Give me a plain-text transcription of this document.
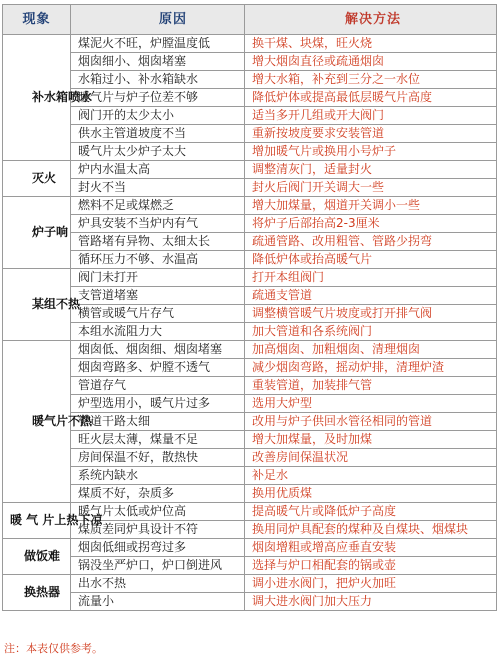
现象	原因	解决方法
补水箱喷水	煤泥火不旺，炉膛温度低	换干煤、块煤，旺火烧
	烟囱细小、烟囱堵塞	增大烟囱直径或疏通烟囱
	水箱过小、补水箱缺水	增大水箱，补充到三分之一水位
	暖气片与炉子位差不够	降低炉体或提高最低层暖气片高度
	阀门开的太少太小	适当多开几组或开大阀门
	供水主管道坡度不当	重新按坡度要求安装管道
	暖气片太少炉子太大	增加暖气片或换用小号炉子
灭火	炉内水温太高	调整清灰门，适量封火
	封火不当	封火后阀门开关调大一些
炉子响	燃料不足或煤燃乏	增大加煤量，烟道开关调小一些
	炉具安装不当炉内有气	将炉子后部抬高2-3厘米
	管路堵有异物、太细太长	疏通管路、改用粗管、管路少拐弯
	循环压力不够、水温高	降低炉体或抬高暖气片
某组不热	阀门未打开	打开本组阀门
	支管道堵塞	疏通支管道
	横管或暖气片存气	调整横管暖气片坡度或打开排气阀
	本组水流阻力大	加大管道和各系统阀门
暖气片不热	烟囱低、烟囱细、烟囱堵塞	加高烟囱、加粗烟囱、清理烟囱
	烟囱弯路多、炉膛不透气	减少烟囱弯路，摇动炉排，清理炉渣
	管道存气	重装管道，加装排气管
	炉型选用小，暖气片过多	选用大炉型
	管道干路太细	改用与炉子供回水管径相同的管道
	旺火层太薄，煤量不足	增大加煤量，及时加煤
	房间保温不好，散热快	改善房间保温状况
	系统内缺水	补足水
	煤质不好，杂质多	换用优质煤
暖 气 片上热下凉	暖气片太低或炉位高	提高暖气片或降低炉子高度
	煤质差同炉具设计不符	换用同炉具配套的煤种及自煤块、烟煤块
做饭难	烟囱低细或拐弯过多	烟囱增粗或增高应垂直安装
	锅没坐严炉口，炉口倒进风	选择与炉口相配套的锅或壶
换热器	出水不热	调小进水阀门，把炉火加旺
	流量小	调大进水阀门加大压力
注：本表仅供参考。
